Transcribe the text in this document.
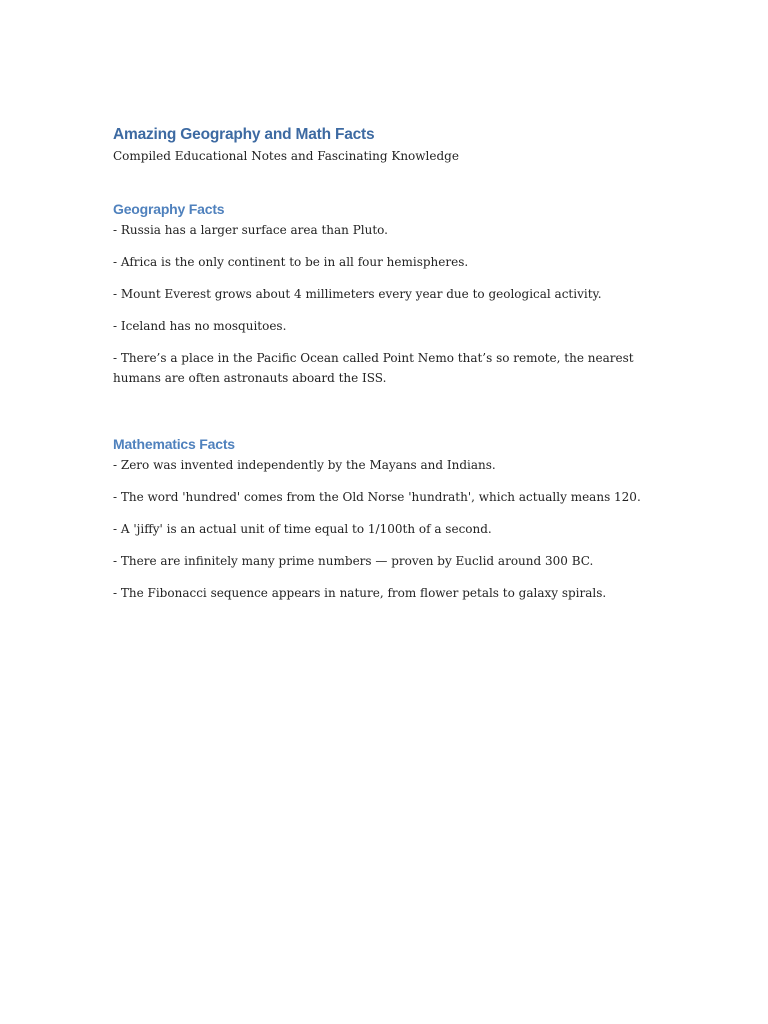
Amazing Geography and Math Facts

Compiled Educational Notes and Fascinating Knowledge

Geography Facts

- Russia has a larger surface area than Pluto.

- Africa is the only continent to be in all four hemispheres.

- Mount Everest grows about 4 millimeters every year due to geological activity.

- Iceland has no mosquitoes.

- There’s a place in the Pacific Ocean called Point Nemo that’s so remote, the nearest humans are often astronauts aboard the ISS.

Mathematics Facts

- Zero was invented independently by the Mayans and Indians.

- The word 'hundred' comes from the Old Norse 'hundrath', which actually means 120.

- A 'jiffy' is an actual unit of time equal to 1/100th of a second.

- There are infinitely many prime numbers — proven by Euclid around 300 BC.

- The Fibonacci sequence appears in nature, from flower petals to galaxy spirals.
